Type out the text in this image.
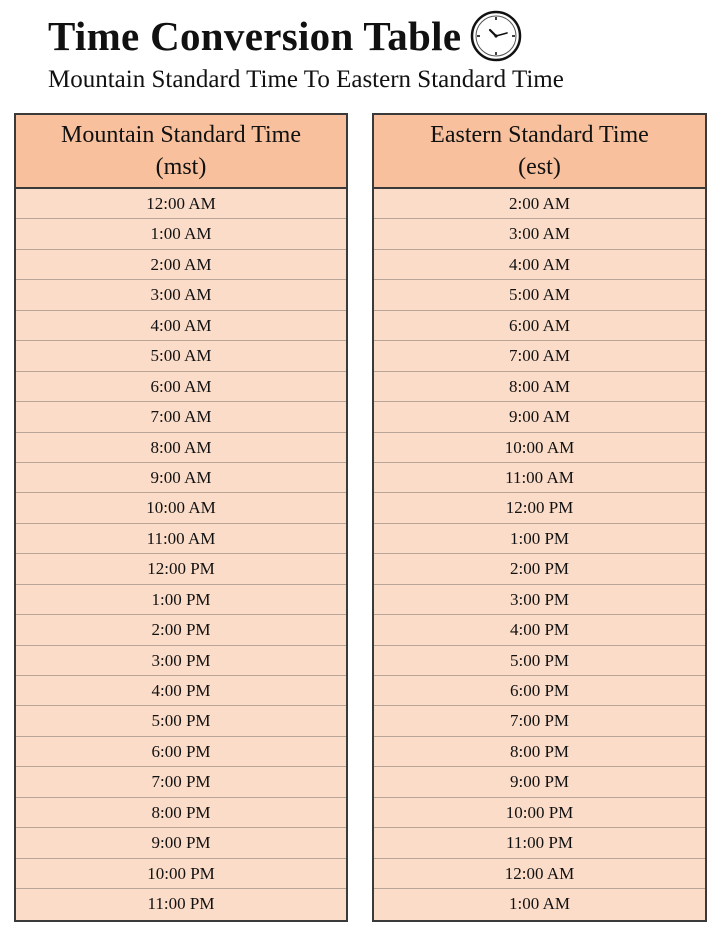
Time Conversion Table
Mountain Standard Time To Eastern Standard Time
Mountain Standard Time
(mst)
12:00 AM
1:00 AM
2:00 AM
3:00 AM
4:00 AM
5:00 AM
6:00 AM
7:00 AM
8:00 AM
9:00 AM
10:00 AM
11:00 AM
12:00 PM
1:00 PM
2:00 PM
3:00 PM
4:00 PM
5:00 PM
6:00 PM
7:00 PM
8:00 PM
9:00 PM
10:00 PM
11:00 PM
Eastern Standard Time
(est)
2:00 AM
3:00 AM
4:00 AM
5:00 AM
6:00 AM
7:00 AM
8:00 AM
9:00 AM
10:00 AM
11:00 AM
12:00 PM
1:00 PM
2:00 PM
3:00 PM
4:00 PM
5:00 PM
6:00 PM
7:00 PM
8:00 PM
9:00 PM
10:00 PM
11:00 PM
12:00 AM
1:00 AM
